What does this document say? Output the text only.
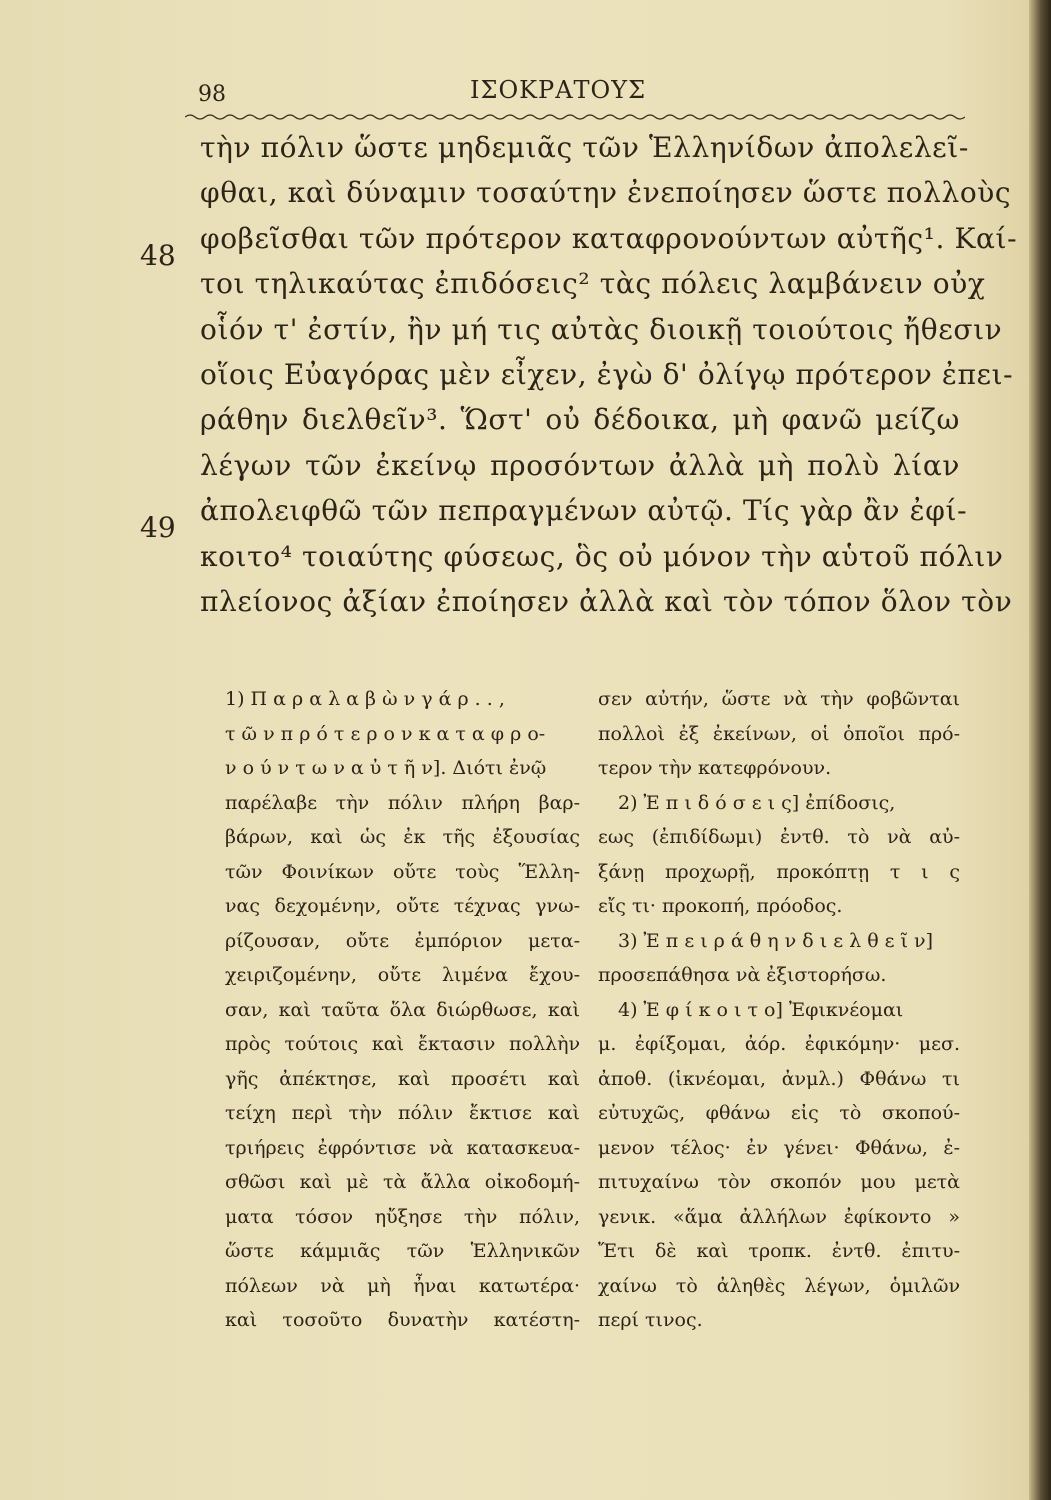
98	ΙΣΟΚΡΑΤΟΥΣ
48
49
τὴν πόλιν ὥστε μηδεμιᾶς τῶν Ἑλληνίδων ἀπολελεῖ-
φθαι, καὶ δύναμιν τοσαύτην ἐνεποίησεν ὥστε πολλοὺς
φοβεῖσθαι τῶν πρότερον καταφρονούντων αὐτῆς¹. Καί-
τοι τηλικαύτας ἐπιδόσεις² τὰς πόλεις λαμβάνειν οὐχ
οἷόν τ' ἐστίν, ἢν μή τις αὐτὰς διοικῇ τοιούτοις ἤθεσιν
οἵοις Εὐαγόρας μὲν εἶχεν, ἐγὼ δ' ὀλίγῳ πρότερον ἐπει-
ράθην διελθεῖν³. Ὥστ' οὐ δέδοικα, μὴ φανῶ μείζω
λέγων τῶν ἐκείνῳ προσόντων ἀλλὰ μὴ πολὺ λίαν
ἀπολειφθῶ τῶν πεπραγμένων αὐτῷ. Τίς γὰρ ἂν ἐφί-
κοιτο⁴ τοιαύτης φύσεως, ὃς οὐ μόνον τὴν αὑτοῦ πόλιν
πλείονος ἀξίαν ἐποίησεν ἀλλὰ καὶ τὸν τόπον ὅλον τὸν
1) Π α ρ α λ α β ὼ ν γ ά ρ . . ,
τ ῶ ν π ρ ό τ ε ρ ο ν κ α τ α φ ρ ο-
ν ο ύ ν τ ω ν α ὐ τ ῆ ν]. Διότι ἐνῷ
παρέλαβε τὴν πόλιν πλήρη βαρ-
βάρων, καὶ ὡς ἐκ τῆς ἐξουσίας
τῶν Φοινίκων οὔτε τοὺς Ἕλλη-
νας δεχομένην, οὔτε τέχνας γνω-
ρίζουσαν, οὔτε ἐμπόριον μετα-
χειριζομένην, οὔτε λιμένα ἔχου-
σαν, καὶ ταῦτα ὅλα διώρθωσε, καὶ
πρὸς τούτοις καὶ ἔκτασιν πολλὴν
γῆς ἀπέκτησε, καὶ προσέτι καὶ
τείχη περὶ τὴν πόλιν ἔκτισε καὶ
τριήρεις ἐφρόντισε νὰ κατασκευα-
σθῶσι καὶ μὲ τὰ ἄλλα οἰκοδομή-
ματα τόσον ηὔξησε τὴν πόλιν,
ὥστε κάμμιᾶς τῶν Ἑλληνικῶν
πόλεων νὰ μὴ ἦναι κατωτέρα·
καὶ τοσοῦτο δυνατὴν κατέστη-
σεν αὐτήν, ὥστε νὰ τὴν φοβῶνται
πολλοὶ ἐξ ἐκείνων, οἱ ὁποῖοι πρό-
τερον τὴν κατεφρόνουν.
2) Ἐ π ι δ ό σ ε ι ς] ἐπίδοσις,
εως (ἐπιδίδωμι) ἐντθ. τὸ νὰ αὐ-
ξάνῃ προχωρῇ, προκόπτῃ τ ι ς
εἴς τι· προκοπή, πρόοδος.
3) Ἐ π ε ι ρ ά θ η ν δ ι ε λ θ ε ῖ ν]
προσεπάθησα νὰ ἐξιστορήσω.
4) Ἐ φ ί κ ο ι τ ο] Ἐφικνέομαι
μ. ἐφίξομαι, ἀόρ. ἐφικόμην· μεσ.
ἀποθ. (ἱκνέομαι, ἀνμλ.) Φθάνω τι
εὐτυχῶς, φθάνω εἰς τὸ σκοπού-
μενον τέλος· ἐν γένει· Φθάνω, ἐ-
πιτυχαίνω τὸν σκοπόν μου μετὰ
γενικ. «ἅμα ἀλλήλων ἐφίκοντο »
Ἔτι δὲ καὶ τροπκ. ἐντθ. ἐπιτυ-
χαίνω τὸ ἀληθὲς λέγων, ὁμιλῶν
περί τινος.
